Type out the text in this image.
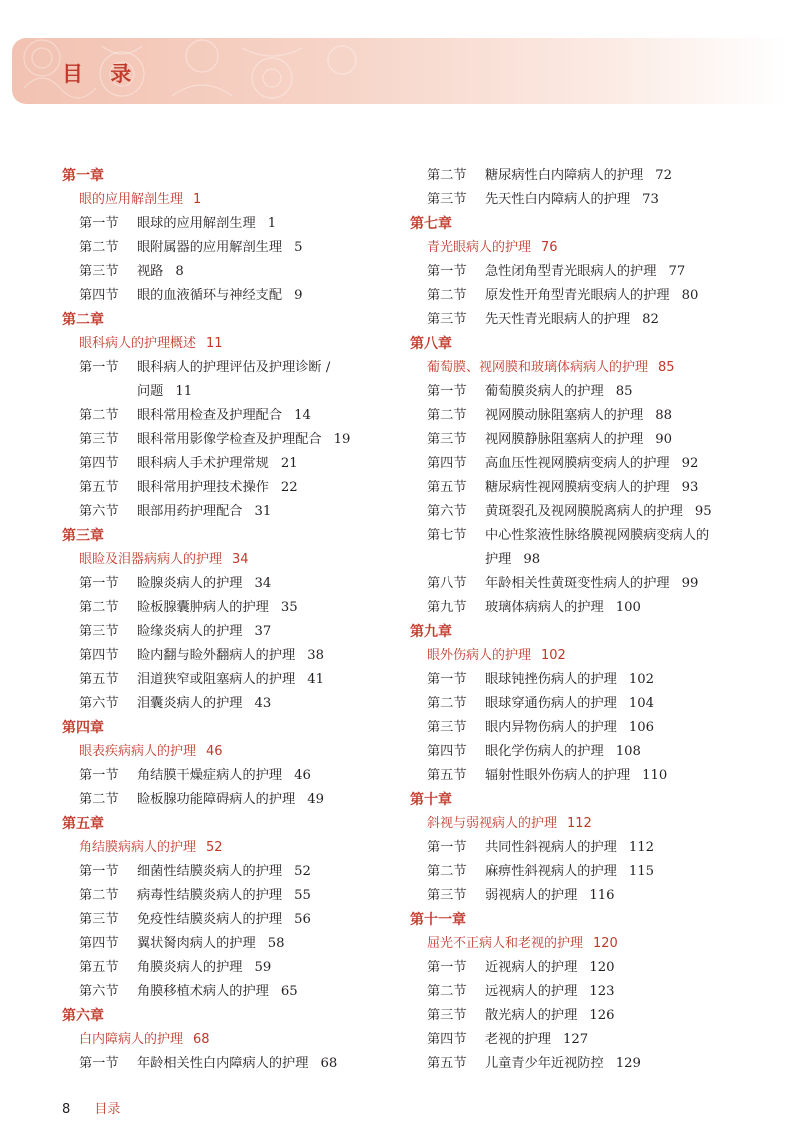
目 录
第一章
眼的应用解剖生理 1
第一节 眼球的应用解剖生理 1
第二节 眼附属器的应用解剖生理 5
第三节 视路 8
第四节 眼的血液循环与神经支配 9
第二章
眼科病人的护理概述 11
第一节 眼科病人的护理评估及护理诊断 /
问题 11
第二节 眼科常用检查及护理配合 14
第三节 眼科常用影像学检查及护理配合 19
第四节 眼科病人手术护理常规 21
第五节 眼科常用护理技术操作 22
第六节 眼部用药护理配合 31
第三章
眼睑及泪器病病人的护理 34
第一节 睑腺炎病人的护理 34
第二节 睑板腺囊肿病人的护理 35
第三节 睑缘炎病人的护理 37
第四节 睑内翻与睑外翻病人的护理 38
第五节 泪道狭窄或阻塞病人的护理 41
第六节 泪囊炎病人的护理 43
第四章
眼表疾病病人的护理 46
第一节 角结膜干燥症病人的护理 46
第二节 睑板腺功能障碍病人的护理 49
第五章
角结膜病病人的护理 52
第一节 细菌性结膜炎病人的护理 52
第二节 病毒性结膜炎病人的护理 55
第三节 免疫性结膜炎病人的护理 56
第四节 翼状胬肉病人的护理 58
第五节 角膜炎病人的护理 59
第六节 角膜移植术病人的护理 65
第六章
白内障病人的护理 68
第一节 年龄相关性白内障病人的护理 68
第二节 糖尿病性白内障病人的护理 72
第三节 先天性白内障病人的护理 73
第七章
青光眼病人的护理 76
第一节 急性闭角型青光眼病人的护理 77
第二节 原发性开角型青光眼病人的护理 80
第三节 先天性青光眼病人的护理 82
第八章
葡萄膜、视网膜和玻璃体病病人的护理 85
第一节 葡萄膜炎病人的护理 85
第二节 视网膜动脉阻塞病人的护理 88
第三节 视网膜静脉阻塞病人的护理 90
第四节 高血压性视网膜病变病人的护理 92
第五节 糖尿病性视网膜病变病人的护理 93
第六节 黄斑裂孔及视网膜脱离病人的护理 95
第七节 中心性浆液性脉络膜视网膜病变病人的
护理 98
第八节 年龄相关性黄斑变性病人的护理 99
第九节 玻璃体病病人的护理 100
第九章
眼外伤病人的护理 102
第一节 眼球钝挫伤病人的护理 102
第二节 眼球穿通伤病人的护理 104
第三节 眼内异物伤病人的护理 106
第四节 眼化学伤病人的护理 108
第五节 辐射性眼外伤病人的护理 110
第十章
斜视与弱视病人的护理 112
第一节 共同性斜视病人的护理 112
第二节 麻痹性斜视病人的护理 115
第三节 弱视病人的护理 116
第十一章
屈光不正病人和老视的护理 120
第一节 近视病人的护理 120
第二节 远视病人的护理 123
第三节 散光病人的护理 126
第四节 老视的护理 127
第五节 儿童青少年近视防控 129
8 目录
